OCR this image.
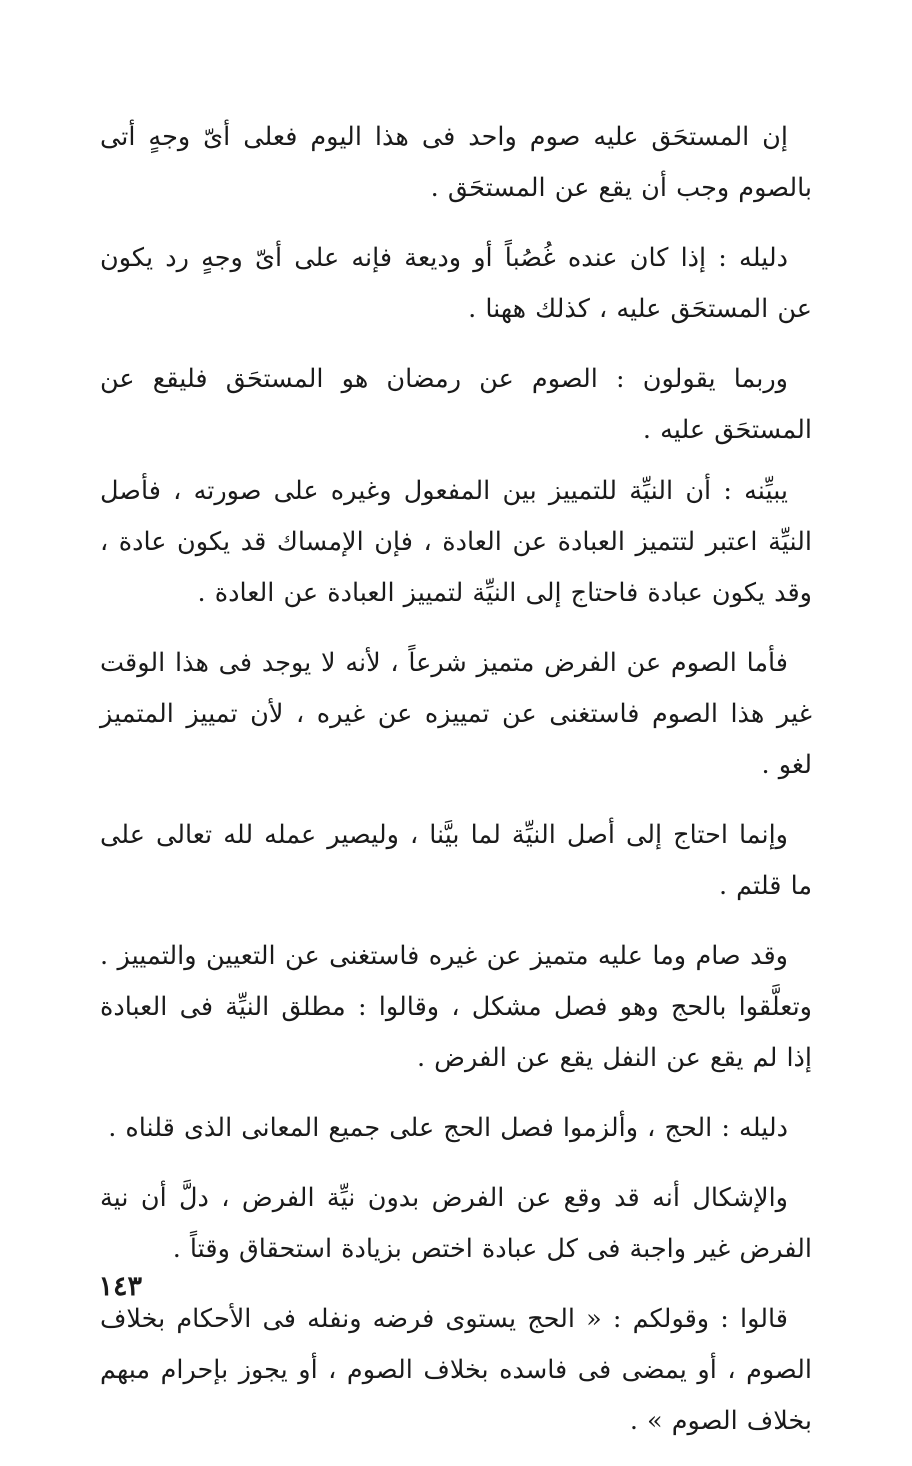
إن المستحَق عليه صوم واحد فى هذا اليوم فعلى أىّ وجهٍ أتى بالصوم وجب أن يقع عن المستحَق .

دليله : إذا كان عنده غُصُباً أو وديعة فإنه على أىّ وجهٍ رد يكون عن المستحَق عليه ، كذلك ههنا .

وربما يقولون : الصوم عن رمضان هو المستحَق فليقع عن المستحَق عليه .

يبيِّنه : أن النيِّة للتمييز بين المفعول وغيره على صورته ، فأصل النيِّة اعتبر لتتميز العبادة عن العادة ، فإن الإمساك قد يكون عادة ، وقد يكون عبادة فاحتاج إلى النيِّة لتمييز العبادة عن العادة .

فأما الصوم عن الفرض متميز شرعاً ، لأنه لا يوجد فى هذا الوقت غير هذا الصوم فاستغنى عن تمييزه عن غيره ، لأن تمييز المتميز لغو .

وإنما احتاج إلى أصل النيِّة لما بيَّنا ، وليصير عمله لله تعالى على ما قلتم .

وقد صام وما عليه متميز عن غيره فاستغنى عن التعيين والتمييز . وتعلَّقوا بالحج وهو فصل مشكل ، وقالوا : مطلق النيِّة فى العبادة إذا لم يقع عن النفل يقع عن الفرض .

دليله : الحج ، وألزموا فصل الحج على جميع المعانى الذى قلناه .

والإشكال أنه قد وقع عن الفرض بدون نيِّة الفرض ، دلَّ أن نية الفرض غير واجبة فى كل عبادة اختص بزيادة استحقاق وقتاً .

قالوا : وقولكم : « الحج يستوى فرضه ونفله فى الأحكام بخلاف الصوم ، أو يمضى فى فاسده بخلاف الصوم ، أو يجوز بإحرام مبهم بخلاف الصوم » .

١٤٣
